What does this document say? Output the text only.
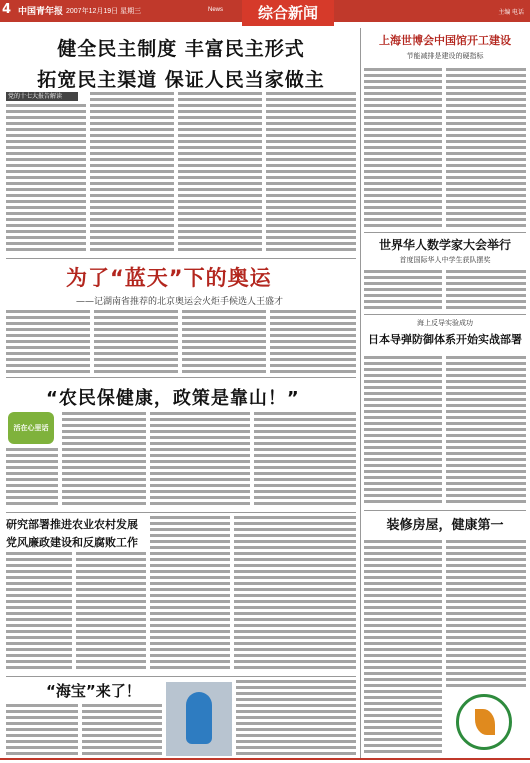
4 中国青年报 2007年12月19日 星期三	News	综合新闻	主编 电话
健全民主制度 丰富民主形式
拓宽民主渠道 保证人民当家做主
党的十七大报告解读
为了“蓝天”下的奥运
——记湖南省推荐的北京奥运会火炬手候选人王盛才
“农民保健康，政策是靠山！”
活在心里话
研究部署推进农业农村发展
党风廉政建设和反腐败工作
“海宝”来了！
上海世博会中国馆开工建设
节能减排是建设的硬指标
世界华人数学家大会举行
首度国际华人中学生获队摆奖
海上反导实验成功
日本导弹防御体系开始实战部署
装修房屋，健康第一
